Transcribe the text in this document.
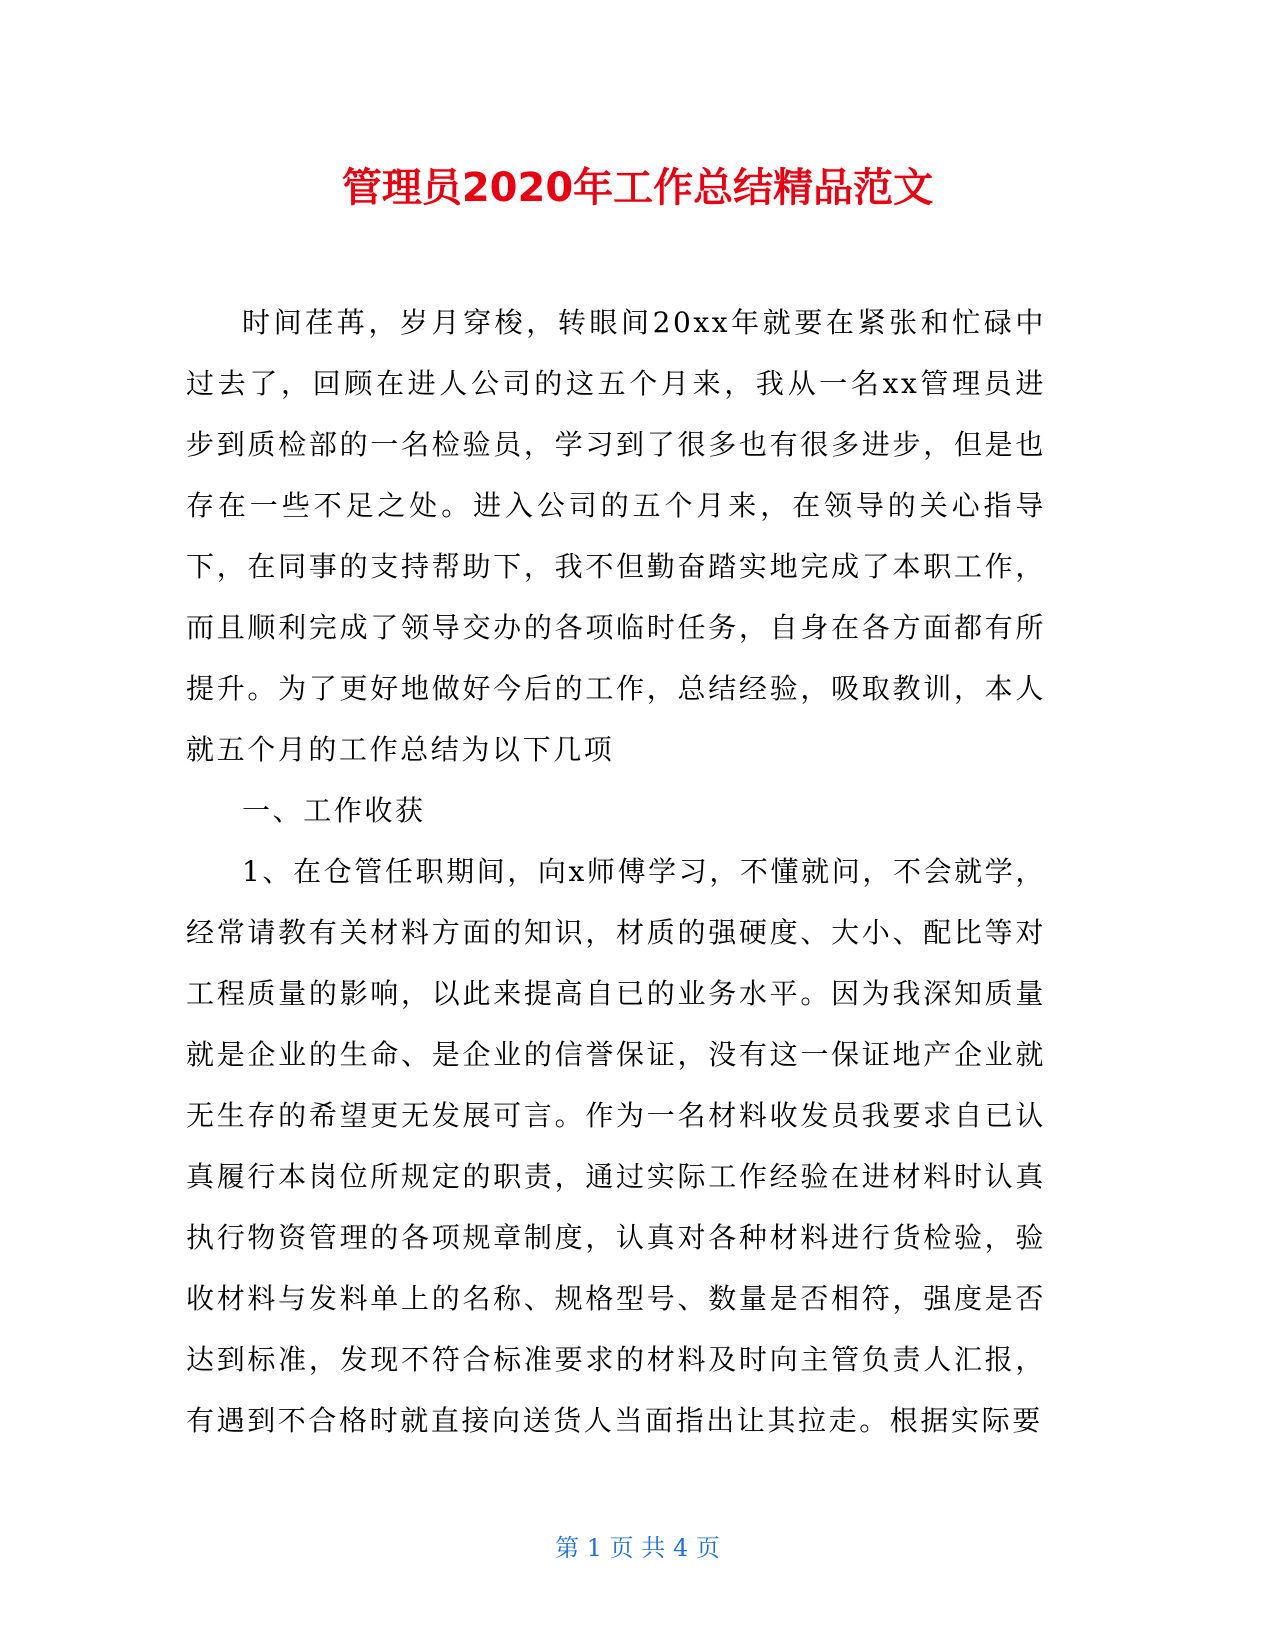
管理员2020年工作总结精品范文

时间荏苒，岁月穿梭，转眼间20xx年就要在紧张和忙碌中过去了，回顾在进人公司的这五个月来，我从一名xx管理员进步到质检部的一名检验员，学习到了很多也有很多进步，但是也存在一些不足之处。进入公司的五个月来，在领导的关心指导下，在同事的支持帮助下，我不但勤奋踏实地完成了本职工作，而且顺利完成了领导交办的各项临时任务，自身在各方面都有所提升。为了更好地做好今后的工作，总结经验，吸取教训，本人就五个月的工作总结为以下几项

一、工作收获

1、在仓管任职期间，向x师傅学习，不懂就问，不会就学，经常请教有关材料方面的知识，材质的强硬度、大小、配比等对工程质量的影响，以此来提高自已的业务水平。因为我深知质量就是企业的生命、是企业的信誉保证，没有这一保证地产企业就无生存的希望更无发展可言。作为一名材料收发员我要求自已认真履行本岗位所规定的职责，通过实际工作经验在进材料时认真执行物资管理的各项规章制度，认真对各种材料进行货检验，验收材料与发料单上的名称、规格型号、数量是否相符，强度是否达到标准，发现不符合标准要求的材料及时向主管负责人汇报，有遇到不合格时就直接向送货人当面指出让其拉走。根据实际要

第 1 页 共 4 页
